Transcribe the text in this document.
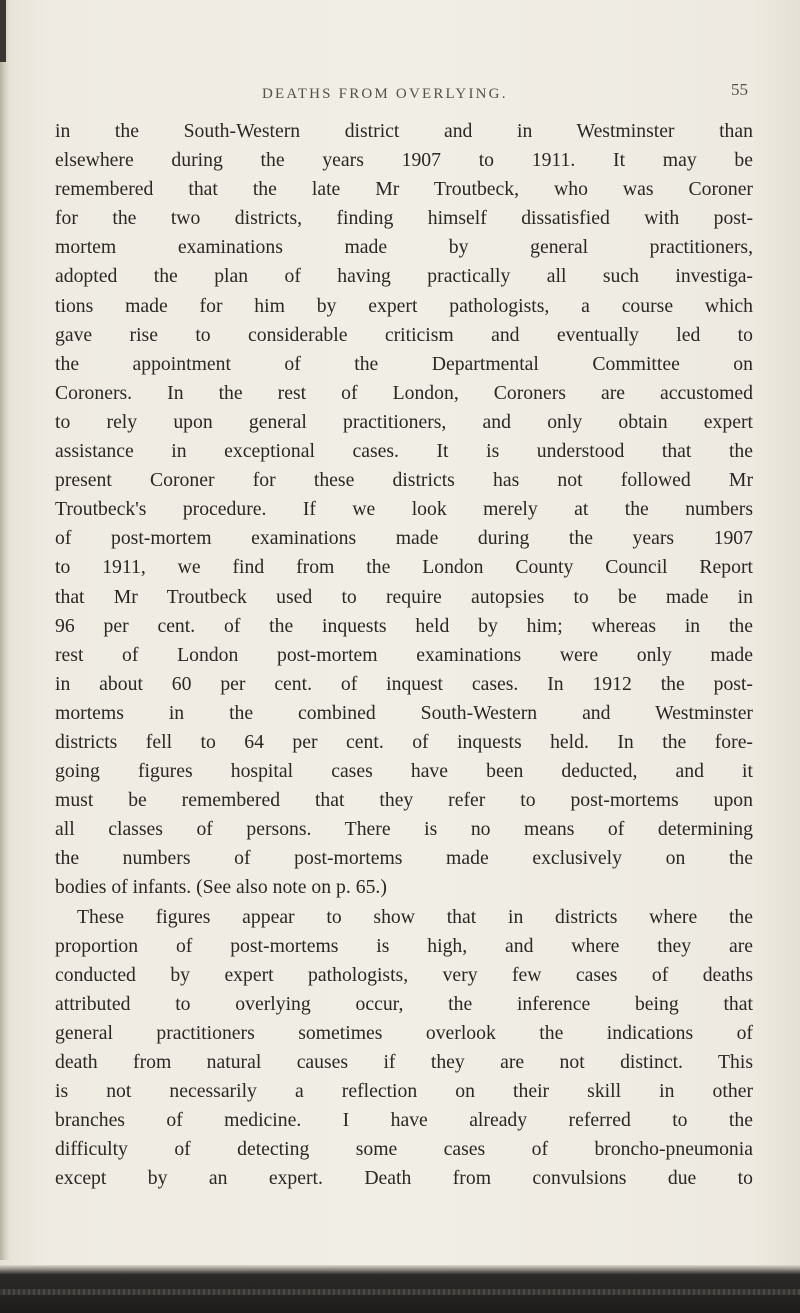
DEATHS FROM OVERLYING.	55
in the South-Western district and in Westminster than
elsewhere during the years 1907 to 1911. It may be
remembered that the late Mr Troutbeck, who was Coroner
for the two districts, finding himself dissatisfied with post-
mortem examinations made by general practitioners,
adopted the plan of having practically all such investiga-
tions made for him by expert pathologists, a course which
gave rise to considerable criticism and eventually led to
the appointment of the Departmental Committee on
Coroners. In the rest of London, Coroners are accustomed
to rely upon general practitioners, and only obtain expert
assistance in exceptional cases. It is understood that the
present Coroner for these districts has not followed Mr
Troutbeck's procedure. If we look merely at the numbers
of post-mortem examinations made during the years 1907
to 1911, we find from the London County Council Report
that Mr Troutbeck used to require autopsies to be made in
96 per cent. of the inquests held by him; whereas in the
rest of London post-mortem examinations were only made
in about 60 per cent. of inquest cases. In 1912 the post-
mortems in the combined South-Western and Westminster
districts fell to 64 per cent. of inquests held. In the fore-
going figures hospital cases have been deducted, and it
must be remembered that they refer to post-mortems upon
all classes of persons. There is no means of determining
the numbers of post-mortems made exclusively on the
bodies of infants. (See also note on p. 65.)
These figures appear to show that in districts where the
proportion of post-mortems is high, and where they are
conducted by expert pathologists, very few cases of deaths
attributed to overlying occur, the inference being that
general practitioners sometimes overlook the indications of
death from natural causes if they are not distinct. This
is not necessarily a reflection on their skill in other
branches of medicine. I have already referred to the
difficulty of detecting some cases of broncho-pneumonia
except by an expert. Death from convulsions due to
